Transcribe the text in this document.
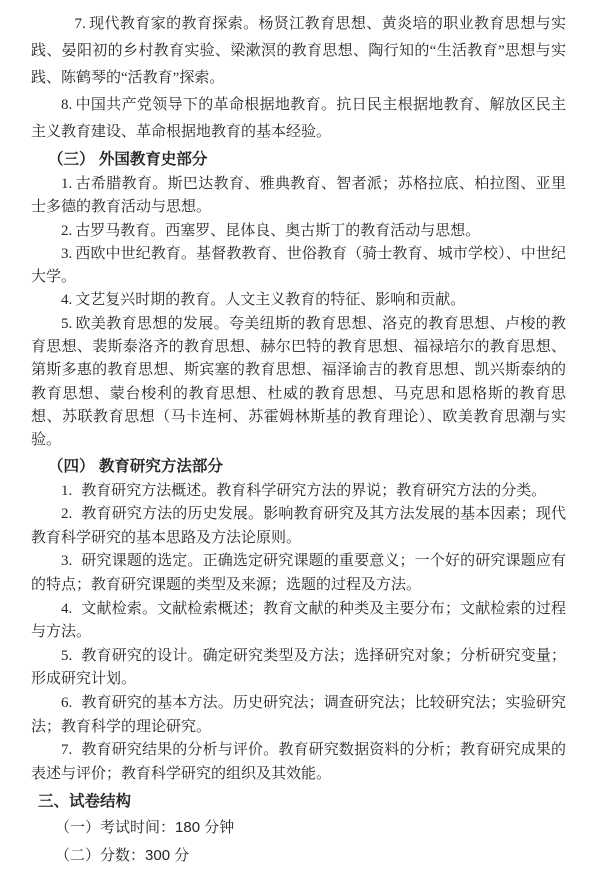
7. 现代教育家的教育探索。杨贤江教育思想、黄炎培的职业教育思想与实践、晏阳初的乡村教育实验、梁漱溟的教育思想、陶行知的“生活教育”思想与实践、陈鹤琴的“活教育”探索。

8. 中国共产党领导下的革命根据地教育。抗日民主根据地教育、解放区民主主义教育建设、革命根据地教育的基本经验。

（三） 外国教育史部分

1. 古希腊教育。斯巴达教育、雅典教育、智者派；苏格拉底、柏拉图、亚里士多德的教育活动与思想。

2. 古罗马教育。西塞罗、昆体良、奥古斯丁的教育活动与思想。

3. 西欧中世纪教育。基督教教育、世俗教育（骑士教育、城市学校）、中世纪大学。

4. 文艺复兴时期的教育。人文主义教育的特征、影响和贡献。

5. 欧美教育思想的发展。夸美纽斯的教育思想、洛克的教育思想、卢梭的教育思想、裴斯泰洛齐的教育思想、赫尔巴特的教育思想、福禄培尔的教育思想、第斯多惠的教育思想、斯宾塞的教育思想、福泽谕吉的教育思想、凯兴斯泰纳的教育思想、蒙台梭利的教育思想、杜威的教育思想、马克思和恩格斯的教育思想、苏联教育思想（马卡连柯、苏霍姆林斯基的教育理论）、欧美教育思潮与实验。

（四） 教育研究方法部分

1. 教育研究方法概述。教育科学研究方法的界说；教育研究方法的分类。

2. 教育研究方法的历史发展。影响教育研究及其方法发展的基本因素；现代教育科学研究的基本思路及方法论原则。

3. 研究课题的选定。正确选定研究课题的重要意义；一个好的研究课题应有的特点；教育研究课题的类型及来源；选题的过程及方法。

4. 文献检索。文献检索概述；教育文献的种类及主要分布；文献检索的过程与方法。

5. 教育研究的设计。确定研究类型及方法；选择研究对象；分析研究变量；形成研究计划。

6. 教育研究的基本方法。历史研究法；调查研究法；比较研究法；实验研究法；教育科学的理论研究。

7. 教育研究结果的分析与评价。教育研究数据资料的分析；教育研究成果的表述与评价；教育科学研究的组织及其效能。

三、试卷结构

（一）考试时间：180 分钟

（二）分数：300 分
